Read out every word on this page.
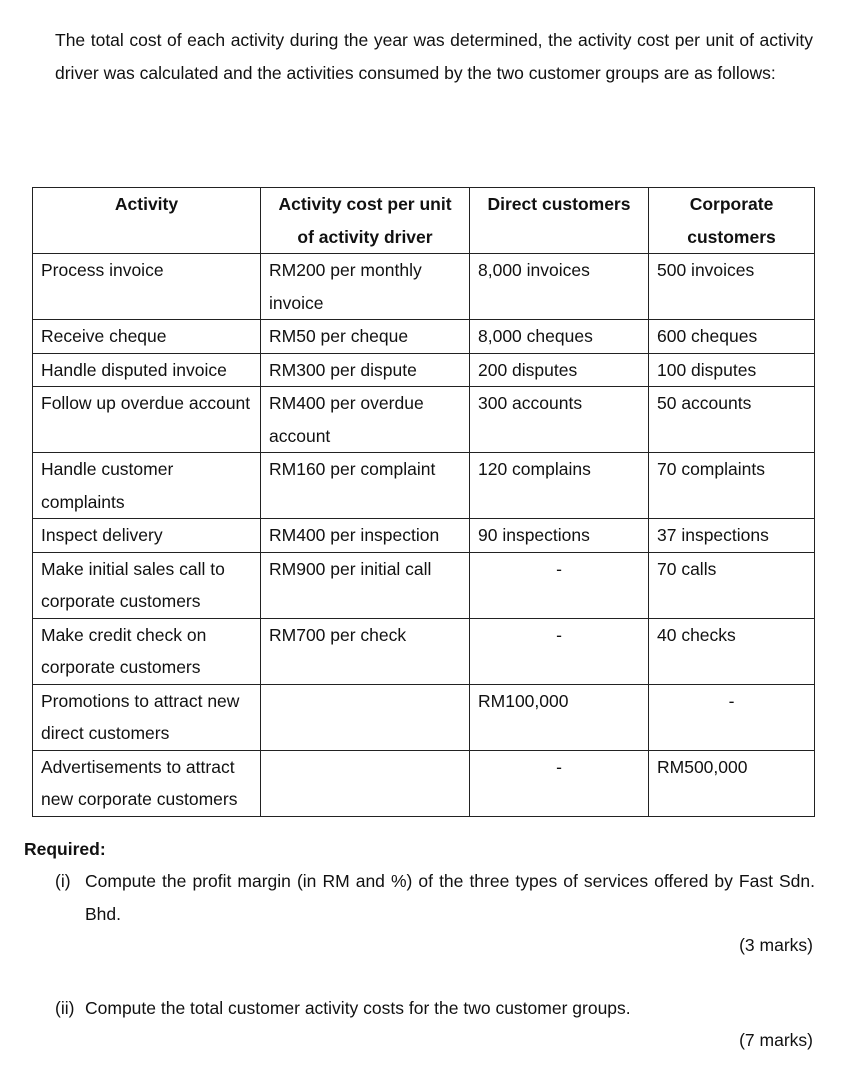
The total cost of each activity during the year was determined, the activity cost per unit of activity driver was calculated and the activities consumed by the two customer groups are as follows:

Activity	Activity cost per unit of activity driver	Direct customers	Corporate customers
Process invoice	RM200 per monthly invoice	8,000 invoices	500 invoices
Receive cheque	RM50 per cheque	8,000 cheques	600 cheques
Handle disputed invoice	RM300 per dispute	200 disputes	100 disputes
Follow up overdue account	RM400 per overdue account	300 accounts	50 accounts
Handle customer complaints	RM160 per complaint	120 complains	70 complaints
Inspect delivery	RM400 per inspection	90 inspections	37 inspections
Make initial sales call to corporate customers	RM900 per initial call	-	70 calls
Make credit check on corporate customers	RM700 per check	-	40 checks
Promotions to attract new direct customers		RM100,000	-
Advertisements to attract new corporate customers		-	RM500,000

Required:

(i) Compute the profit margin (in RM and %) of the three types of services offered by Fast Sdn. Bhd.

(3 marks)

(ii) Compute the total customer activity costs for the two customer groups.

(7 marks)
